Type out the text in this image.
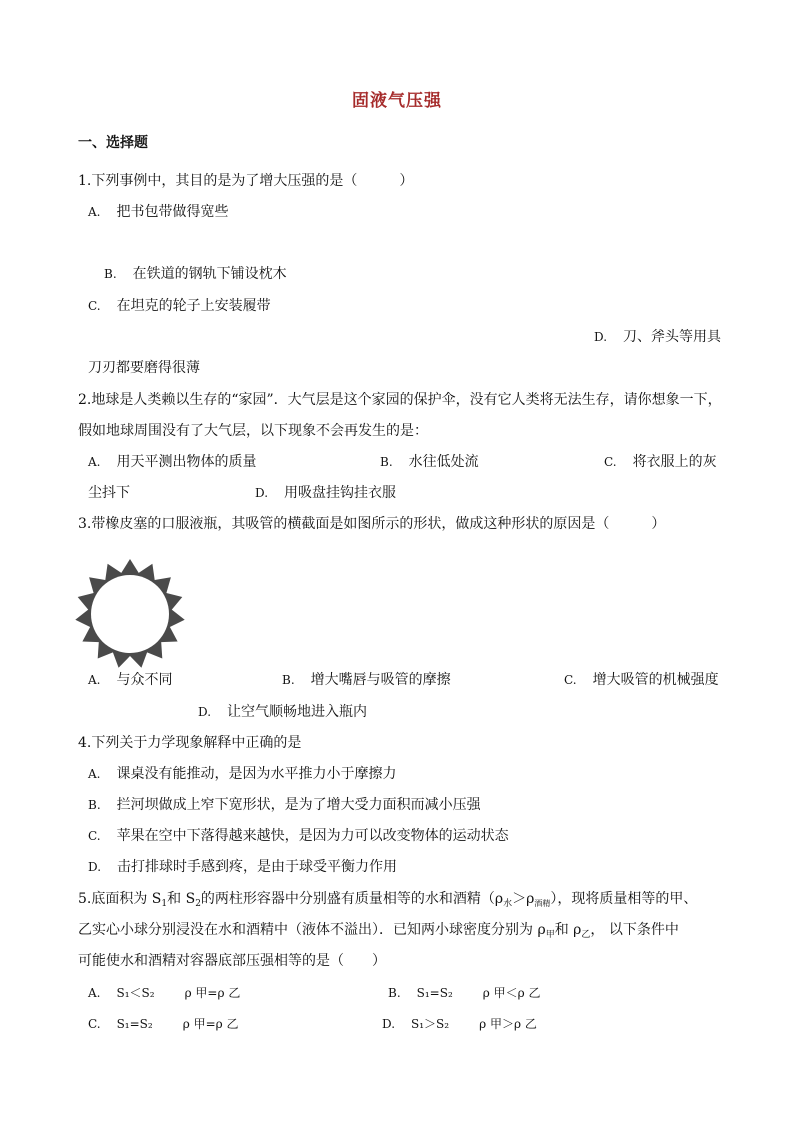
固液气压强
一、选择题
1.下列事例中，其目的是为了增大压强的是（　　　）
A. 把书包带做得宽些
B. 在铁道的钢轨下铺设枕木
C. 在坦克的轮子上安装履带
D. 刀、斧头等用具
刀刃都要磨得很薄
2.地球是人类赖以生存的“家园”．大气层是这个家园的保护伞，没有它人类将无法生存，请你想象一下，
假如地球周围没有了大气层，以下现象不会再发生的是：
A. 用天平测出物体的质量	B. 水往低处流	C. 将衣服上的灰
尘抖下	D. 用吸盘挂钩挂衣服
3.带橡皮塞的口服液瓶，其吸管的横截面是如图所示的形状，做成这种形状的原因是（　　　）
A. 与众不同	B. 增大嘴唇与吸管的摩擦	C. 增大吸管的机械强度
D. 让空气顺畅地进入瓶内
4.下列关于力学现象解释中正确的是
A. 课桌没有能推动，是因为水平推力小于摩擦力
B. 拦河坝做成上窄下宽形状，是为了增大受力面积而减小压强
C. 苹果在空中下落得越来越快，是因为力可以改变物体的运动状态
D. 击打排球时手感到疼，是由于球受平衡力作用
5.底面积为 $S_1$和 $S_2$的两柱形容器中分别盛有质量相等的水和酒精$(\rho_水>\rho_{酒精})$，现将质量相等的甲、
乙实心小球分别浸没在水和酒精中（液体不溢出）．已知两小球密度分别为 $\rho_甲$和 $\rho_乙$， 以下条件中
可能使水和酒精对容器底部压强相等的是（　　）
A. S₁＜S₂	ρ 甲=ρ 乙	B. S₁=S₂	ρ 甲＜ρ 乙
C. S₁=S₂	ρ 甲=ρ 乙	D. S₁＞S₂	ρ 甲＞ρ 乙
